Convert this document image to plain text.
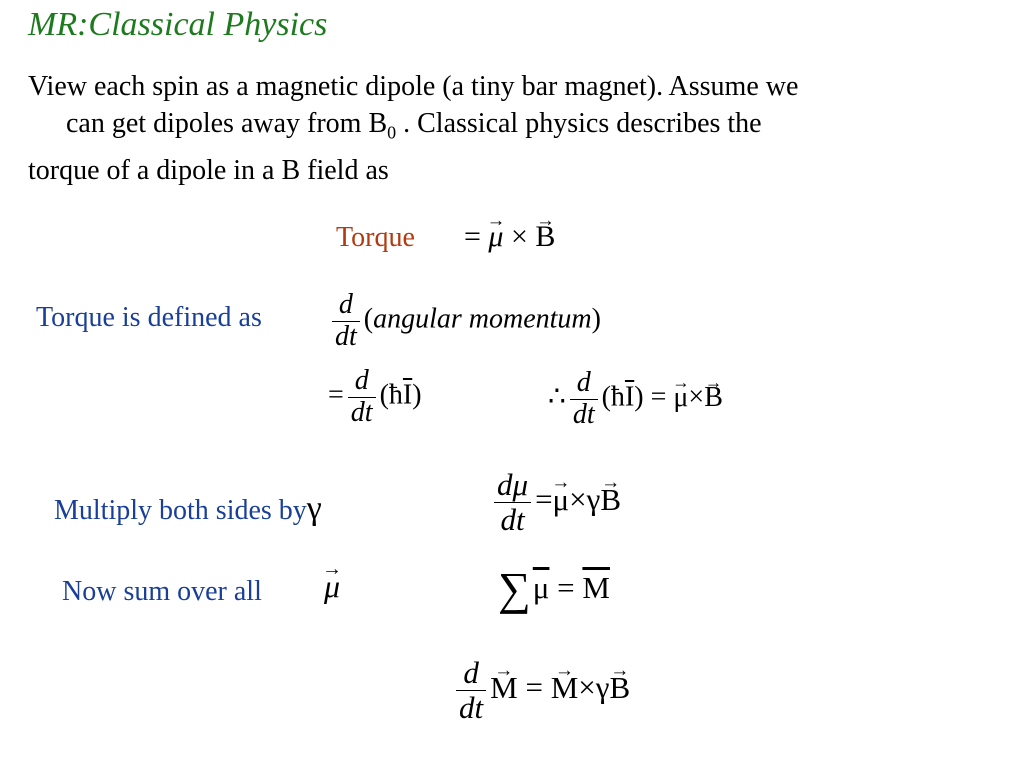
MR:Classical Physics
View each spin as a magnetic dipole (a tiny bar magnet). Assume we
can get dipoles away from $B_0$ . Classical physics describes the
torque of a dipole in a B field as
Torque = → μ × → B
Torque is defined as	$\frac{d}{dt}$ (angular momentum)
= $\frac{d}{dt}$ $(ħ\overline{I})$	∴ $\frac{d}{dt}$ $(ħ\overline{I})$ = → μ×→ B
Multiply both sides byγ	$\frac{d\mu}{dt} =\to \mu\times\gamma\to B$
Now sum over all → μ	$\sum\overline{\mu} = \overline{M}$
$\frac{d}{dt} \to M$ = → M×γ→ B
